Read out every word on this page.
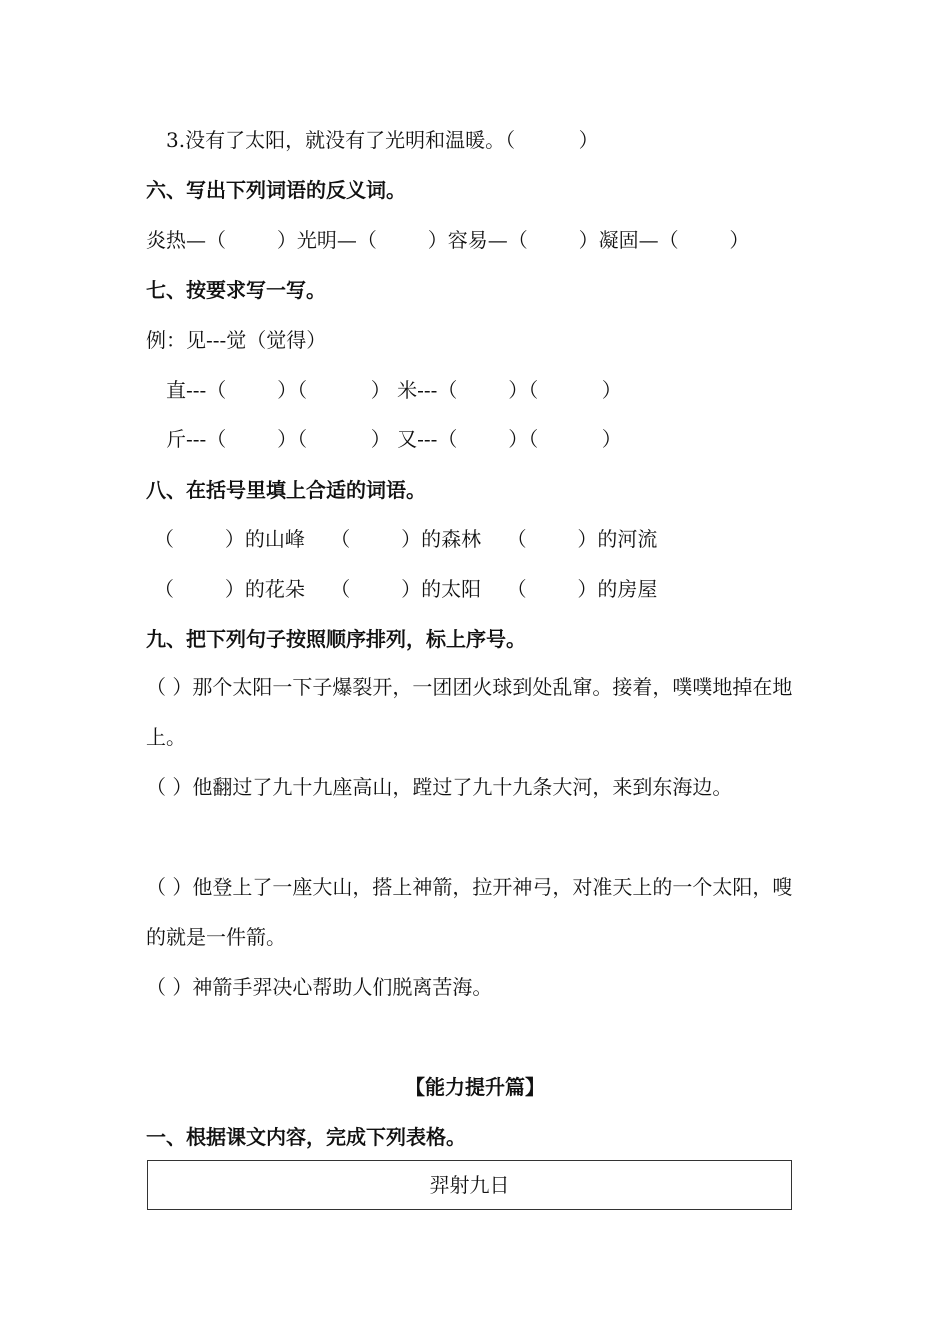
3.没有了太阳，就没有了光明和温暖。（          ）

六、写出下列词语的反义词。

炎热—（        ）光明—（        ）容易—（        ）凝固—（        ）

七、按要求写一写。

例：见---觉（觉得）

直---（        ）（          ） 米---（        ）（          ）

斤---（        ）（          ） 又---（        ）（          ）

八、在括号里填上合适的词语。

（        ）的山峰    （        ）的森林    （        ）的河流

（        ）的花朵    （        ）的太阳    （        ）的房屋

九、把下列句子按照顺序排列，标上序号。

（ ）那个太阳一下子爆裂开，一团团火球到处乱窜。接着，噗噗地掉在地上。

（ ）他翻过了九十九座高山，蹚过了九十九条大河，来到东海边。

（ ）他登上了一座大山，搭上神箭，拉开神弓，对准天上的一个太阳，嗖的就是一件箭。

（ ）神箭手羿决心帮助人们脱离苦海。

【能力提升篇】

一、根据课文内容，完成下列表格。

羿射九日
